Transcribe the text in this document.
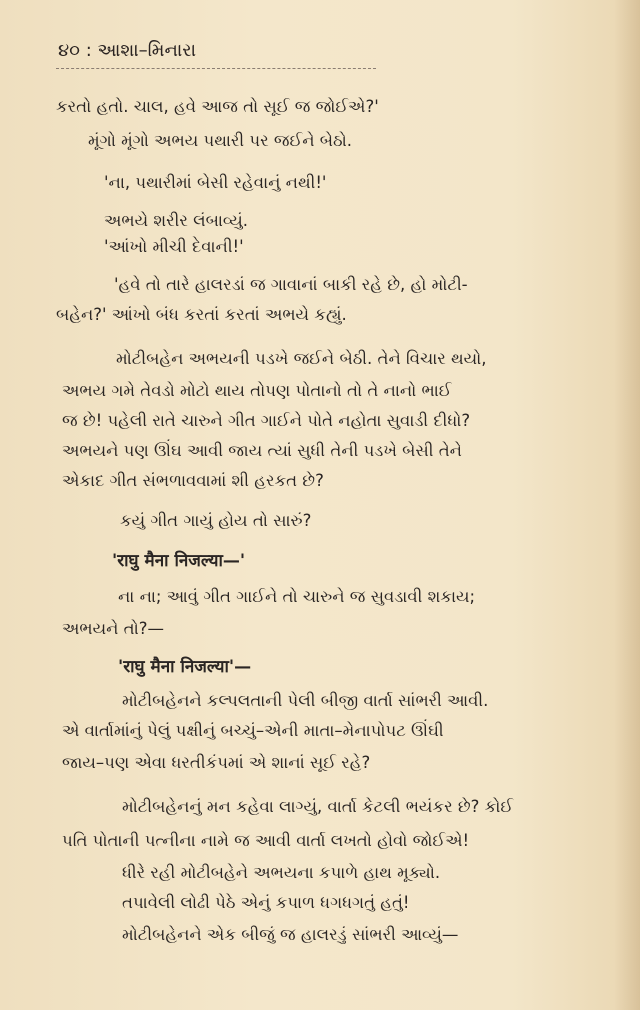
૪૦ : આશા–મિનારા
કરતો હતો. ચાલ, હવે આજ તો સૂઈ જ જોઈએ?'
મૂંગો મૂંગો અભય પથારી પર જઈને બેઠો.
'ના, પથારીમાં બેસી રહેવાનું નથી!'
અભયે શરીર લંબાવ્યું.
'આંખો મીચી દેવાની!'
'હવે તો તારે હાલરડાં જ ગાવાનાં બાકી રહે છે, હો મોટી-
બહેન?' આંખો બંધ કરતાં કરતાં અભયે કહ્યું.
મોટીબહેન અભયની પડખે જઈને બેઠી. તેને વિચાર થયો,
અભય ગમે તેવડો મોટો થાય તોપણ પોતાનો તો તે નાનો ભાઈ
જ છે! પહેલી રાતે ચારુને ગીત ગાઈને પોતે નહોતા સુવાડી દીધો?
અભયને પણ ઊંઘ આવી જાય ત્યાં સુધી તેની પડખે બેસી તેને
એકાદ ગીત સંભળાવવામાં શી હરકત છે?
કયું ગીત ગાયું હોય તો સારું?
'राघु मैना निजल्या—'
ના ના; આવું ગીત ગાઈને તો ચારુને જ સુવડાવી શકાય;
અભયને તો?—
'राघु मैना निजल्या'—
મોટીબહેનને કલ્પલતાની પેલી બીજી વાર્તા સાંભરી આવી.
એ વાર્તામાંનું પેલું પક્ષીનું બચ્ચું–એની માતા–મેનાપોપટ ઊંઘી
જાય–પણ એવા ધરતીકંપમાં એ શાનાં સૂઈ રહે?
મોટીબહેનનું મન કહેવા લાગ્યું, વાર્તા કેટલી ભયંકર છે? કોઈ
પતિ પોતાની પત્નીના નામે જ આવી વાર્તા લખતો હોવો જોઈએ!
ધીરે રહી મોટીબહેને અભયના કપાળે હાથ મૂક્યો.
તપાવેલી લોઢી પેઠે એનું કપાળ ધગધગતું હતું!
મોટીબહેનને એક બીજું જ હાલરડું સાંભરી આવ્યું—
